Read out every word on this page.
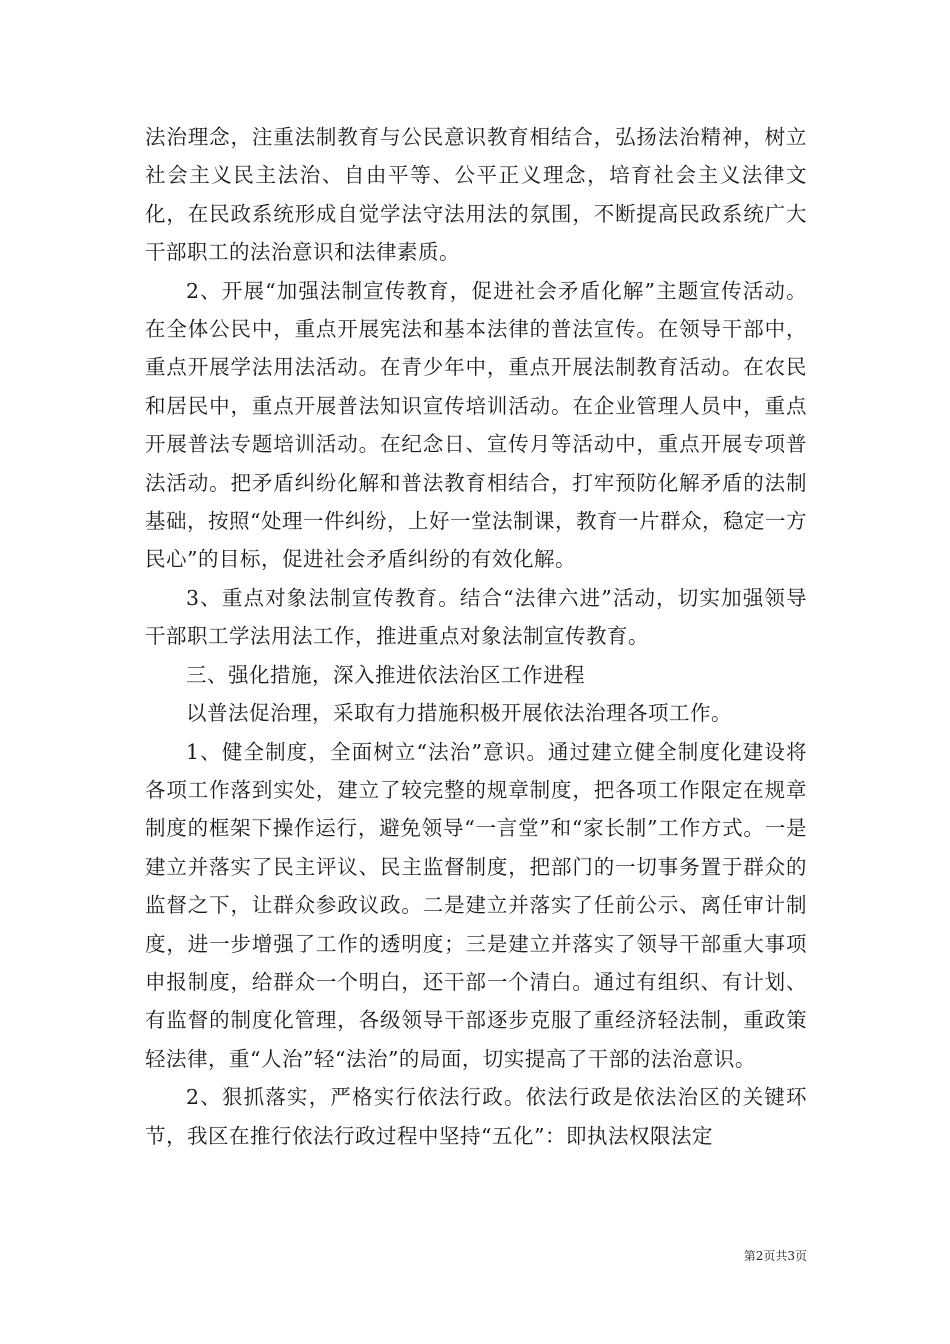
法治理念，注重法制教育与公民意识教育相结合，弘扬法治精神，树立社会主义民主法治、自由平等、公平正义理念，培育社会主义法律文化，在民政系统形成自觉学法守法用法的氛围，不断提高民政系统广大干部职工的法治意识和法律素质。

2、开展“加强法制宣传教育，促进社会矛盾化解”主题宣传活动。在全体公民中，重点开展宪法和基本法律的普法宣传。在领导干部中，重点开展学法用法活动。在青少年中，重点开展法制教育活动。在农民和居民中，重点开展普法知识宣传培训活动。在企业管理人员中，重点开展普法专题培训活动。在纪念日、宣传月等活动中，重点开展专项普法活动。把矛盾纠纷化解和普法教育相结合，打牢预防化解矛盾的法制基础，按照“处理一件纠纷，上好一堂法制课，教育一片群众，稳定一方民心”的目标，促进社会矛盾纠纷的有效化解。

3、重点对象法制宣传教育。结合“法律六进”活动，切实加强领导干部职工学法用法工作，推进重点对象法制宣传教育。

三、强化措施，深入推进依法治区工作进程

以普法促治理，采取有力措施积极开展依法治理各项工作。

1、健全制度，全面树立“法治”意识。通过建立健全制度化建设将各项工作落到实处，建立了较完整的规章制度，把各项工作限定在规章制度的框架下操作运行，避免领导“一言堂”和“家长制”工作方式。一是建立并落实了民主评议、民主监督制度，把部门的一切事务置于群众的监督之下，让群众参政议政。二是建立并落实了任前公示、离任审计制度，进一步增强了工作的透明度；三是建立并落实了领导干部重大事项申报制度，给群众一个明白，还干部一个清白。通过有组织、有计划、有监督的制度化管理，各级领导干部逐步克服了重经济轻法制，重政策轻法律，重“人治”轻“法治”的局面，切实提高了干部的法治意识。

2、狠抓落实，严格实行依法行政。依法行政是依法治区的关键环节，我区在推行依法行政过程中坚持“五化”：即执法权限法定

第2页共3页
